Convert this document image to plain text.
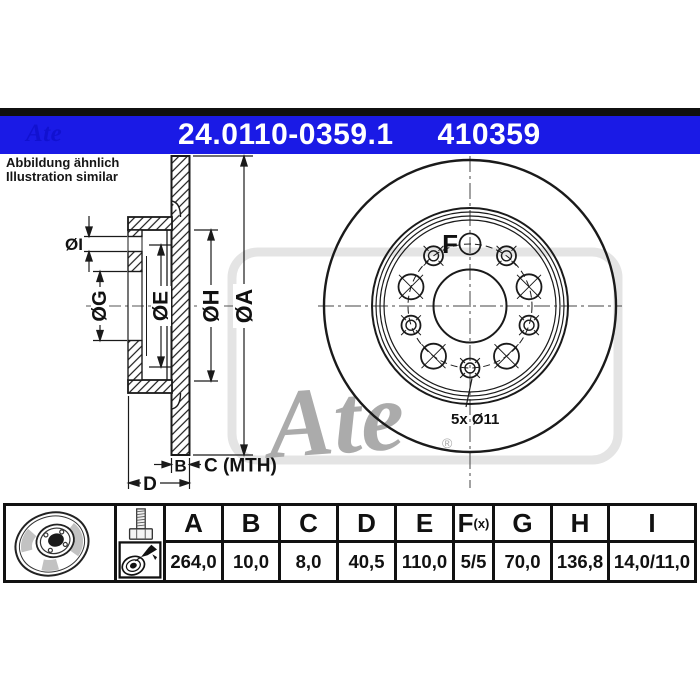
Ate ®
ØI
ØG ØE ØH ØA
B C (MTH)
D
F
5x Ø11
Ate	24.0110-0359.1 410359
Abbildung ähnlich
Illustration similar
A B C D E F (x) G H I
264,0 10,0 8,0 40,5 110,0 5/5 70,0 136,8 14,0/11,0
